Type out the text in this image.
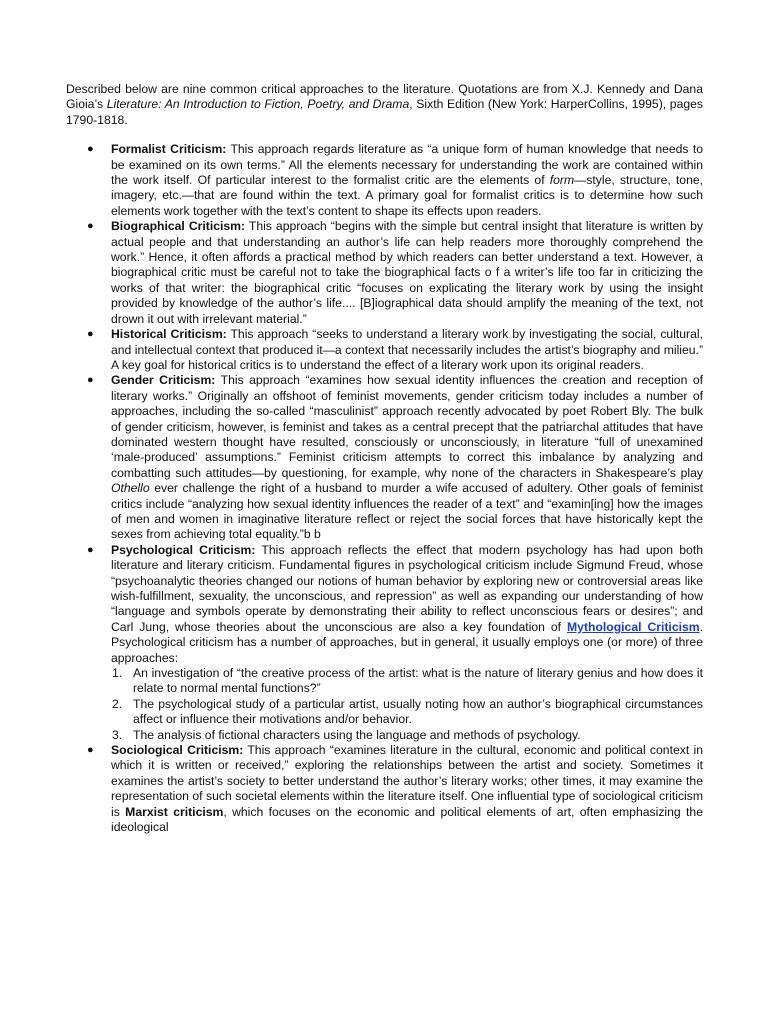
Described below are nine common critical approaches to the literature. Quotations are from X.J. Kennedy and Dana Gioia’s Literature: An Introduction to Fiction, Poetry, and Drama, Sixth Edition (New York: HarperCollins, 1995), pages 1790-1818.

● Formalist Criticism: This approach regards literature as “a unique form of human knowledge that needs to be examined on its own terms.” All the elements necessary for understanding the work are contained within the work itself. Of particular interest to the formalist critic are the elements of form—style, structure, tone, imagery, etc.—that are found within the text. A primary goal for formalist critics is to determine how such elements work together with the text’s content to shape its effects upon readers.
● Biographical Criticism: This approach “begins with the simple but central insight that literature is written by actual people and that understanding an author’s life can help readers more thoroughly comprehend the work.” Hence, it often affords a practical method by which readers can better understand a text. However, a biographical critic must be careful not to take the biographical facts o f a writer’s life too far in criticizing the works of that writer: the biographical critic “focuses on explicating the literary work by using the insight provided by knowledge of the author’s life.... [B]iographical data should amplify the meaning of the text, not drown it out with irrelevant material.”
● Historical Criticism: This approach “seeks to understand a literary work by investigating the social, cultural, and intellectual context that produced it—a context that necessarily includes the artist’s biography and milieu.” A key goal for historical critics is to understand the effect of a literary work upon its original readers.
● Gender Criticism: This approach “examines how sexual identity influences the creation and reception of literary works.” Originally an offshoot of feminist movements, gender criticism today includes a number of approaches, including the so-called “masculinist” approach recently advocated by poet Robert Bly. The bulk of gender criticism, however, is feminist and takes as a central precept that the patriarchal attitudes that have dominated western thought have resulted, consciously or unconsciously, in literature “full of unexamined ‘male-produced’ assumptions.” Feminist criticism attempts to correct this imbalance by analyzing and combatting such attitudes—by questioning, for example, why none of the characters in Shakespeare’s play Othello ever challenge the right of a husband to murder a wife accused of adultery. Other goals of feminist critics include “analyzing how sexual identity influences the reader of a text” and “examin[ing] how the images of men and women in imaginative literature reflect or reject the social forces that have historically kept the sexes from achieving total equality.”b b
● Psychological Criticism: This approach reflects the effect that modern psychology has had upon both literature and literary criticism. Fundamental figures in psychological criticism include Sigmund Freud, whose “psychoanalytic theories changed our notions of human behavior by exploring new or controversial areas like wish-fulfillment, sexuality, the unconscious, and repression” as well as expanding our understanding of how “language and symbols operate by demonstrating their ability to reflect unconscious fears or desires”; and Carl Jung, whose theories about the unconscious are also a key foundation of Mythological Criticism. Psychological criticism has a number of approaches, but in general, it usually employs one (or more) of three approaches:
1. An investigation of “the creative process of the artist: what is the nature of literary genius and how does it relate to normal mental functions?”
2. The psychological study of a particular artist, usually noting how an author’s biographical circumstances affect or influence their motivations and/or behavior.
3. The analysis of fictional characters using the language and methods of psychology.
● Sociological Criticism: This approach “examines literature in the cultural, economic and political context in which it is written or received,” exploring the relationships between the artist and society. Sometimes it examines the artist’s society to better understand the author’s literary works; other times, it may examine the representation of such societal elements within the literature itself. One influential type of sociological criticism is Marxist criticism, which focuses on the economic and political elements of art, often emphasizing the ideological
